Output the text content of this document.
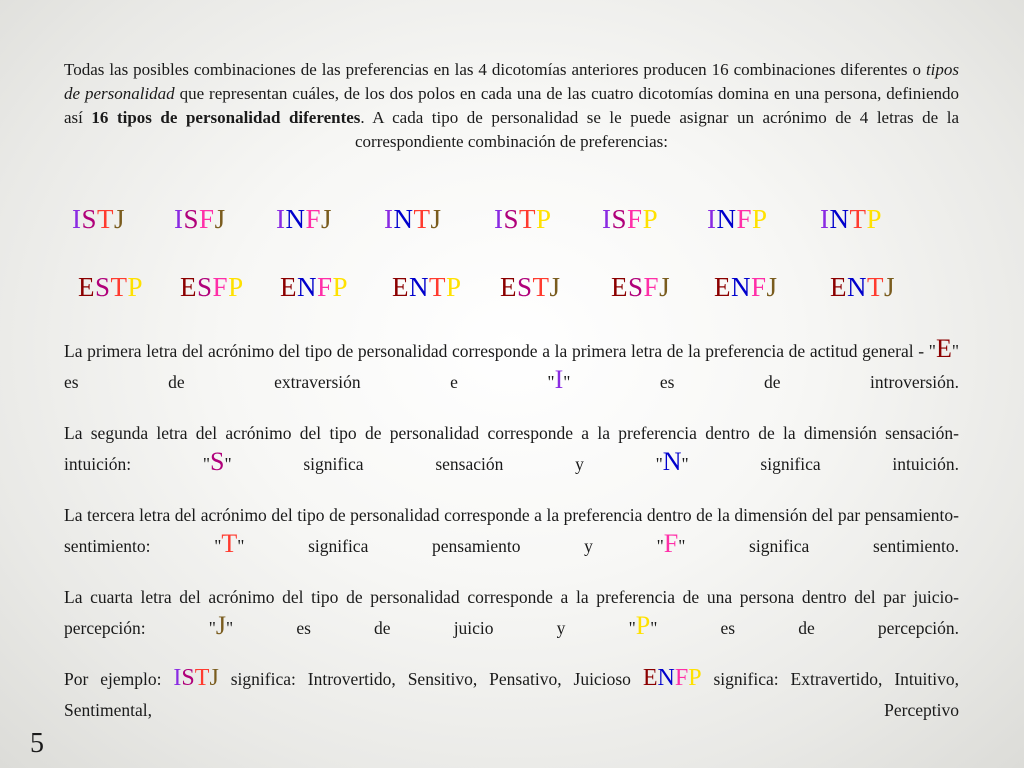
Todas las posibles combinaciones de las preferencias en las 4 dicotomías anteriores producen 16 combinaciones diferentes o tipos de personalidad que representan cuáles, de los dos polos en cada una de las cuatro dicotomías domina en una persona, definiendo así 16 tipos de personalidad diferentes. A cada tipo de personalidad se le puede asignar un acrónimo de 4 letras de la correspondiente combinación de preferencias:
ISTJ ISFJ INFJ INTJ ISTP ISFP INFP INTP
ESTP ESFP ENFP ENTP ESTJ ESFJ ENFJ ENTJ

La primera letra del acrónimo del tipo de personalidad corresponde a la primera letra de la preferencia de actitud general - "E" es de extraversión e "I" es de introversión.

La segunda letra del acrónimo del tipo de personalidad corresponde a la preferencia dentro de la dimensión sensación-intuición: "S" significa sensación y "N" significa intuición.

La tercera letra del acrónimo del tipo de personalidad corresponde a la preferencia dentro de la dimensión del par pensamiento-sentimiento: "T" significa pensamiento y "F" significa sentimiento.

La cuarta letra del acrónimo del tipo de personalidad corresponde a la preferencia de una persona dentro del par juicio-percepción: "J" es de juicio y "P" es de percepción.

Por ejemplo: ISTJ significa: Introvertido, Sensitivo, Pensativo, Juicioso ENFP significa: Extravertido, Intuitivo, Sentimental, Perceptivo

5
